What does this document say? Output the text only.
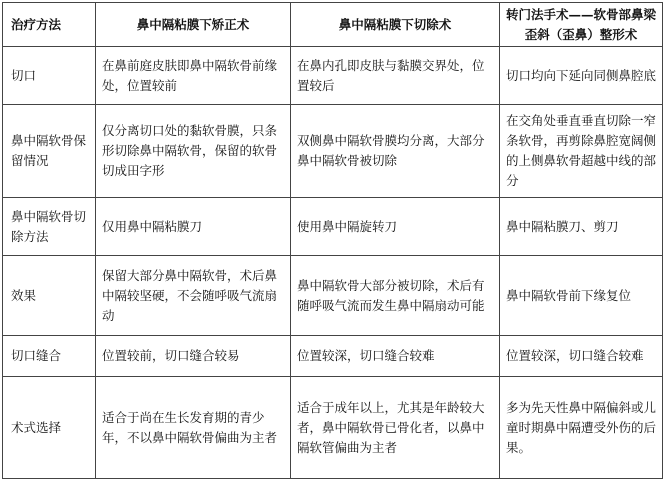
治疗方法	鼻中隔粘膜下矫正术	鼻中隔粘膜下切除术	转门法手术——软骨部鼻梁歪斜（歪鼻）整形术
切口	在鼻前庭皮肤即鼻中隔软骨前缘处，位置较前	在鼻内孔即皮肤与黏膜交界处，位置较后	切口均向下延向同侧鼻腔底
鼻中隔软骨保留情况	仅分离切口处的黏软骨膜，只条形切除鼻中隔软骨，保留的软骨切成田字形	双侧鼻中隔软骨膜均分离，大部分鼻中隔软骨被切除	在交角处垂直垂直切除一窄条软骨，再剪除鼻腔宽阔侧的上侧鼻软骨超越中线的部分
鼻中隔软骨切除方法	仅用鼻中隔粘膜刀	使用鼻中隔旋转刀	鼻中隔粘膜刀、剪刀
效果	保留大部分鼻中隔软骨，术后鼻中隔较坚硬，不会随呼吸气流扇动	鼻中隔软骨大部分被切除，术后有随呼吸气流而发生鼻中隔扇动可能	鼻中隔软骨前下缘复位
切口缝合	位置较前，切口缝合较易	位置较深，切口缝合较难	位置较深，切口缝合较难
术式选择	适合于尚在生长发育期的青少年，不以鼻中隔软骨偏曲为主者	适合于成年以上，尤其是年龄较大者，鼻中隔软骨已骨化者，以鼻中隔软管偏曲为主者	多为先天性鼻中隔偏斜或儿童时期鼻中隔遭受外伤的后果。
